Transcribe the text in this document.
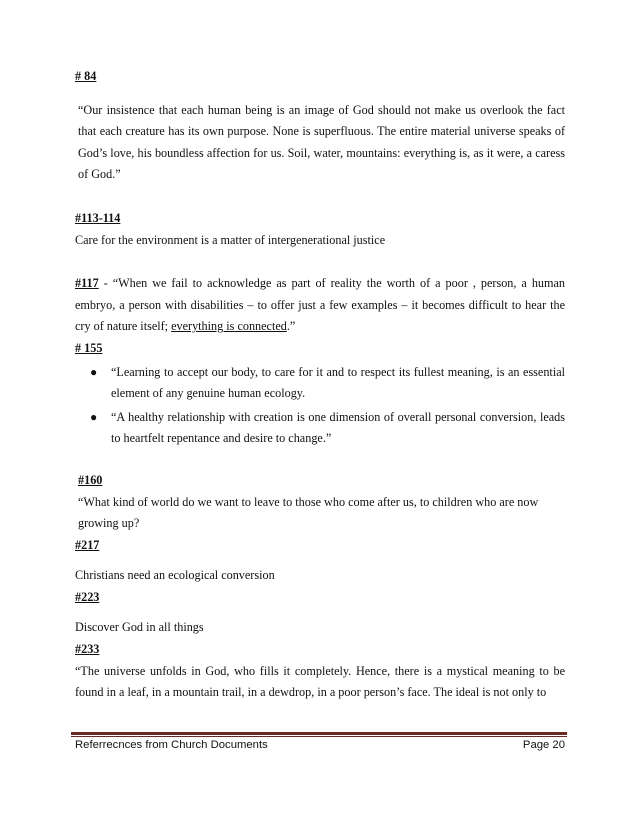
# 84

“Our insistence that each human being is an image of God should not make us overlook the fact that each creature has its own purpose. None is superfluous. The entire material universe speaks of God’s love, his boundless affection for us. Soil, water, mountains: everything is, as it were, a caress of God.”

#113-114

Care for the environment is a matter of intergenerational justice

#117 - “When we fail to acknowledge as part of reality the worth of a poor , person, a human embryo, a person with disabilities – to offer just a few examples – it becomes difficult to hear the cry of nature itself; everything is connected.”

# 155

● “Learning to accept our body, to care for it and to respect its fullest meaning, is an essential element of any genuine human ecology.
● “A healthy relationship with creation is one dimension of overall personal conversion, leads to heartfelt repentance and desire to change.”

#160

“What kind of world do we want to leave to those who come after us, to children who are now growing up?

#217

Christians need an ecological conversion

#223

Discover God in all things

#233

“The universe unfolds in God, who fills it completely. Hence, there is a mystical meaning to be found in a leaf, in a mountain trail, in a dewdrop, in a poor person’s face. The ideal is not only to

Referrecnces from Church Documents	Page 20
